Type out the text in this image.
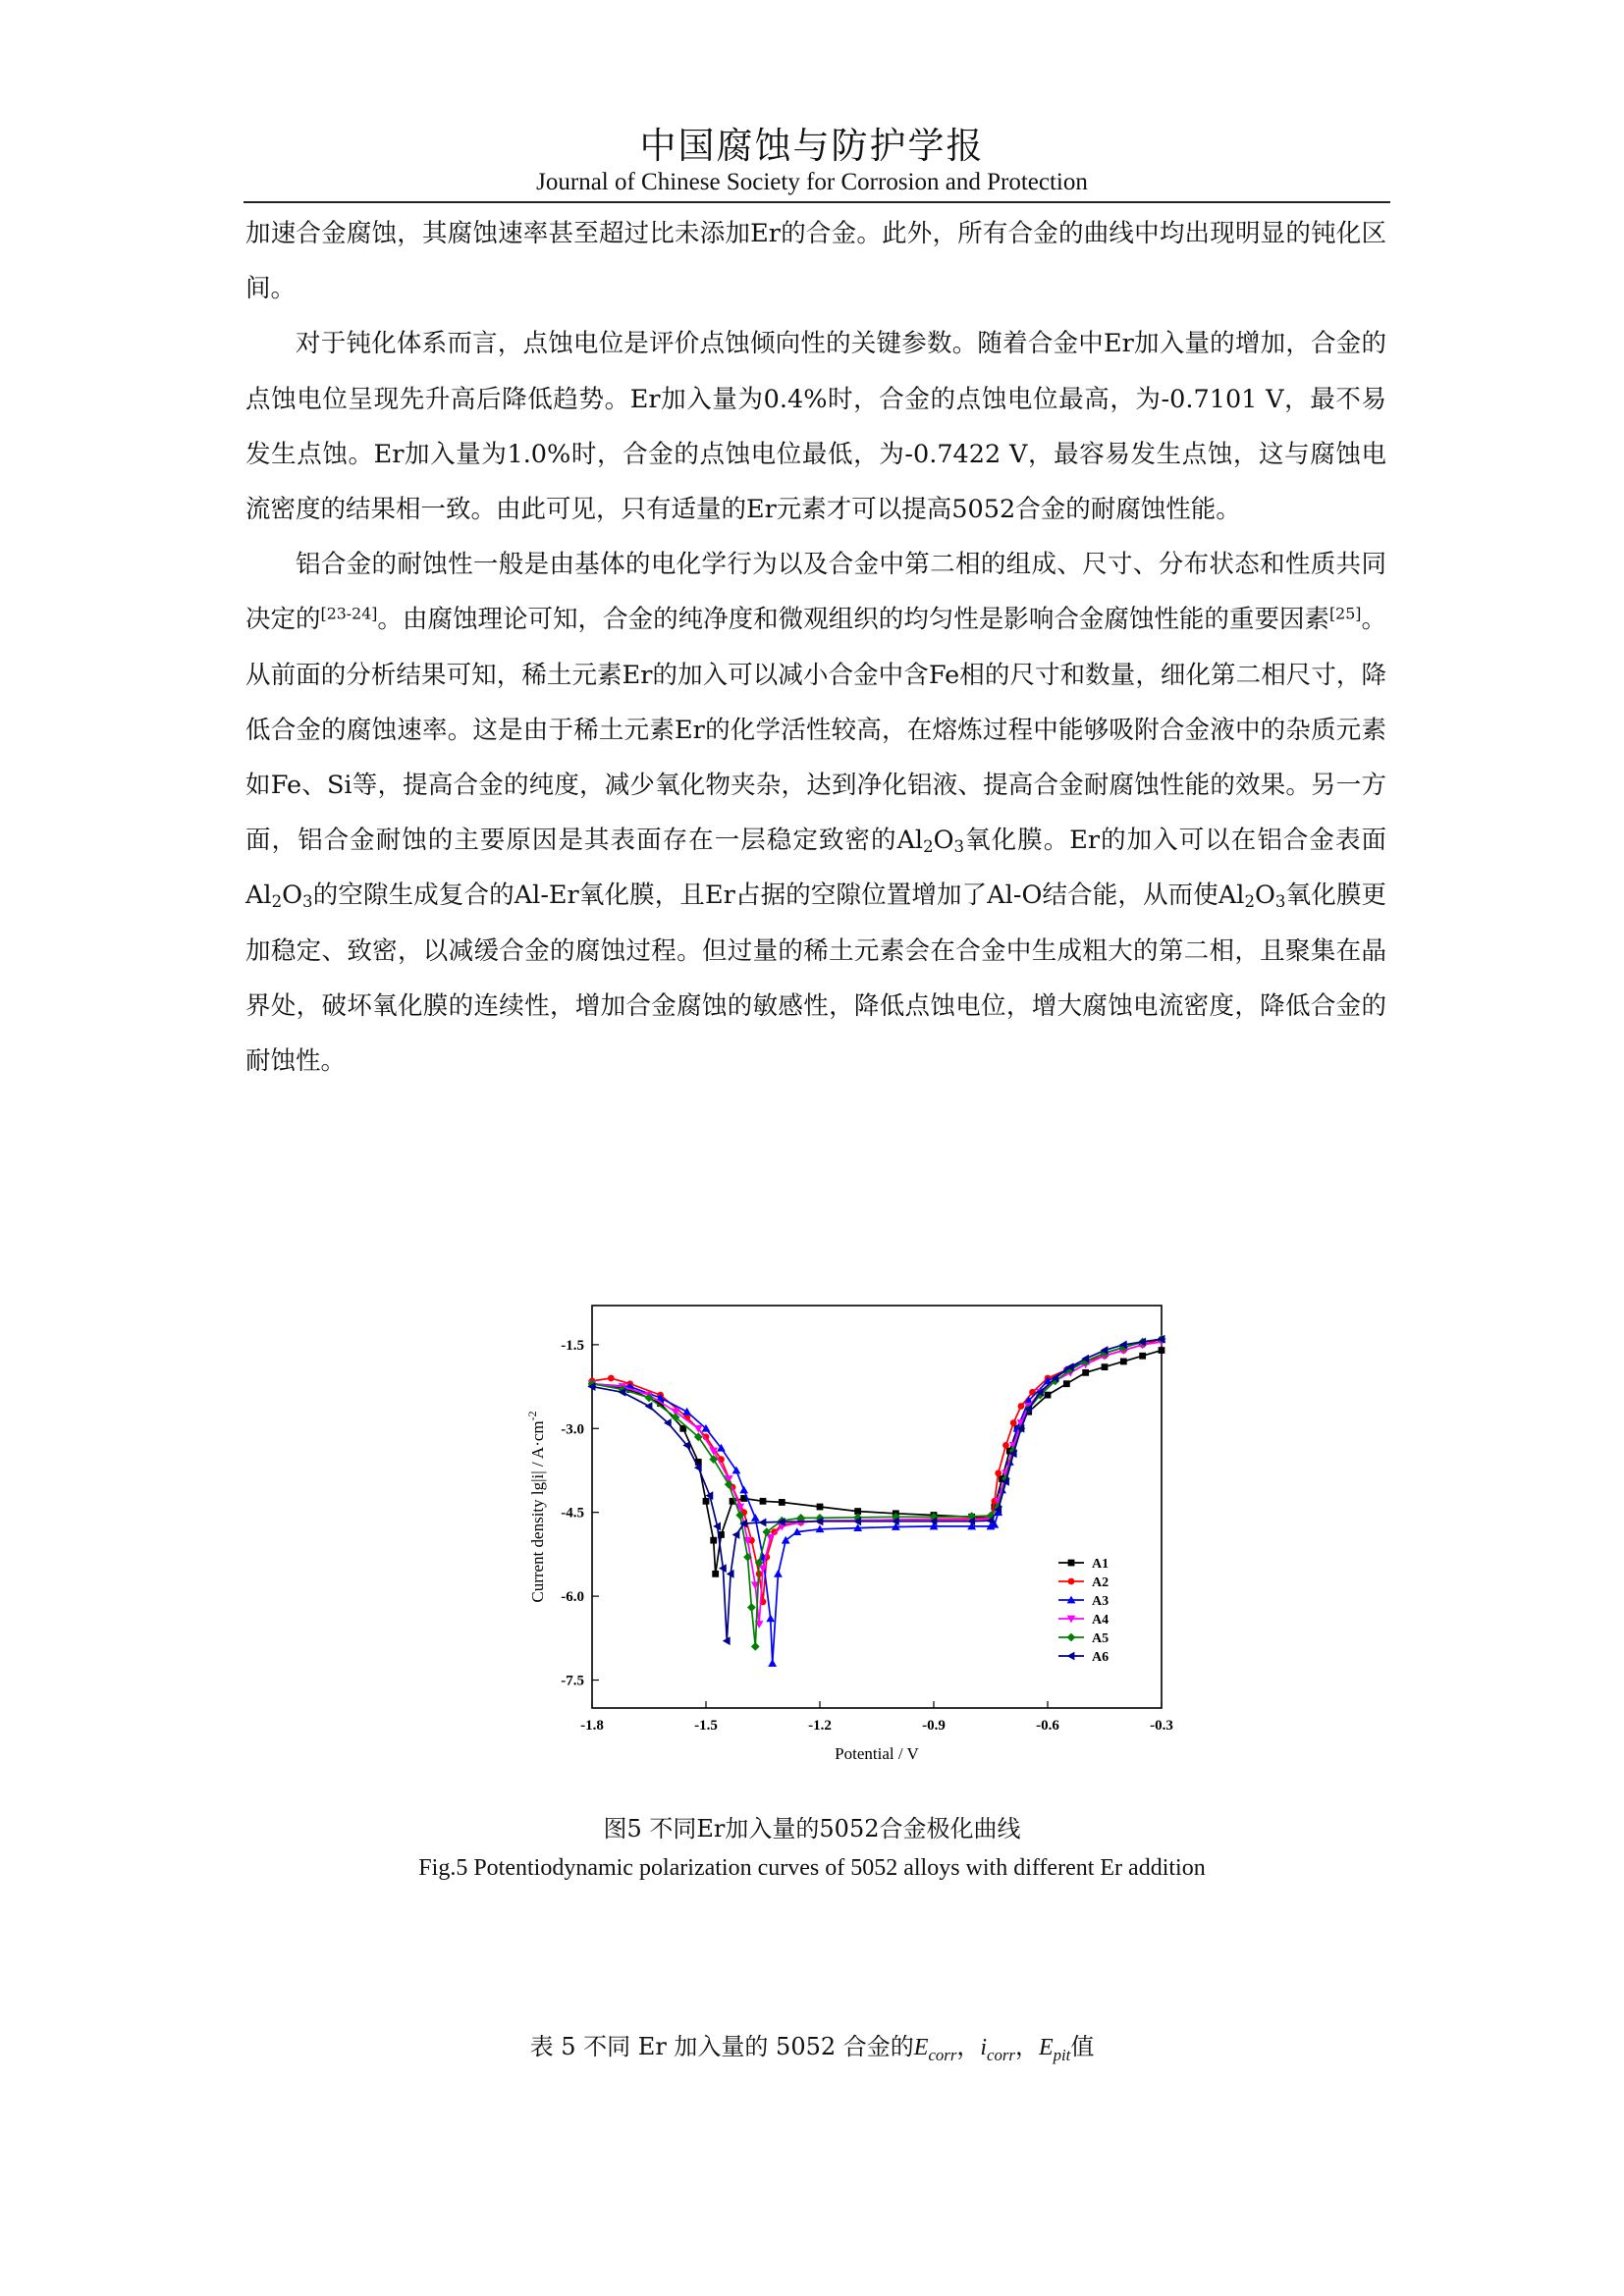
中国腐蚀与防护学报
Journal of Chinese Society for Corrosion and Protection

加速合金腐蚀，其腐蚀速率甚至超过比未添加Er的合金。此外，所有合金的曲线中均出现明显的钝化区间。

对于钝化体系而言，点蚀电位是评价点蚀倾向性的关键参数。随着合金中Er加入量的增加，合金的点蚀电位呈现先升高后降低趋势。Er加入量为0.4%时，合金的点蚀电位最高，为-0.7101 V，最不易发生点蚀。Er加入量为1.0%时，合金的点蚀电位最低，为-0.7422 V，最容易发生点蚀，这与腐蚀电流密度的结果相一致。由此可见，只有适量的Er元素才可以提高5052合金的耐腐蚀性能。

铝合金的耐蚀性一般是由基体的电化学行为以及合金中第二相的组成、尺寸、分布状态和性质共同决定的[23-24]。由腐蚀理论可知，合金的纯净度和微观组织的均匀性是影响合金腐蚀性能的重要因素[25]。从前面的分析结果可知，稀土元素Er的加入可以减小合金中含Fe相的尺寸和数量，细化第二相尺寸，降低合金的腐蚀速率。这是由于稀土元素Er的化学活性较高，在熔炼过程中能够吸附合金液中的杂质元素如Fe、Si等，提高合金的纯度，减少氧化物夹杂，达到净化铝液、提高合金耐腐蚀性能的效果。另一方面，铝合金耐蚀的主要原因是其表面存在一层稳定致密的$Al_2O_3$氧化膜。Er的加入可以在铝合金表面$Al_2O_3$的空隙生成复合的Al-Er氧化膜，且Er占据的空隙位置增加了Al-O结合能，从而使$Al_2O_3$氧化膜更加稳定、致密，以减缓合金的腐蚀过程。但过量的稀土元素会在合金中生成粗大的第二相，且聚集在晶界处，破坏氧化膜的连续性，增加合金腐蚀的敏感性，降低点蚀电位，增大腐蚀电流密度，降低合金的耐蚀性。

-1.8	-1.5	-1.2	-0.9	-0.6	-0.3
-1.5
-3.0
-4.5
-6.0
-7.5
Potential / V
Current density $\lg|i| / A\cdot cm^{-2}$
A1
A2
A3
A4
A5
A6
图5 不同Er加入量的5052合金极化曲线
Fig.5 Potentiodynamic polarization curves of 5052 alloys with different Er addition
表 5 不同 Er 加入量的 5052 合金的$E_{corr}$，$i_{corr}$，$E_{pit}$值
